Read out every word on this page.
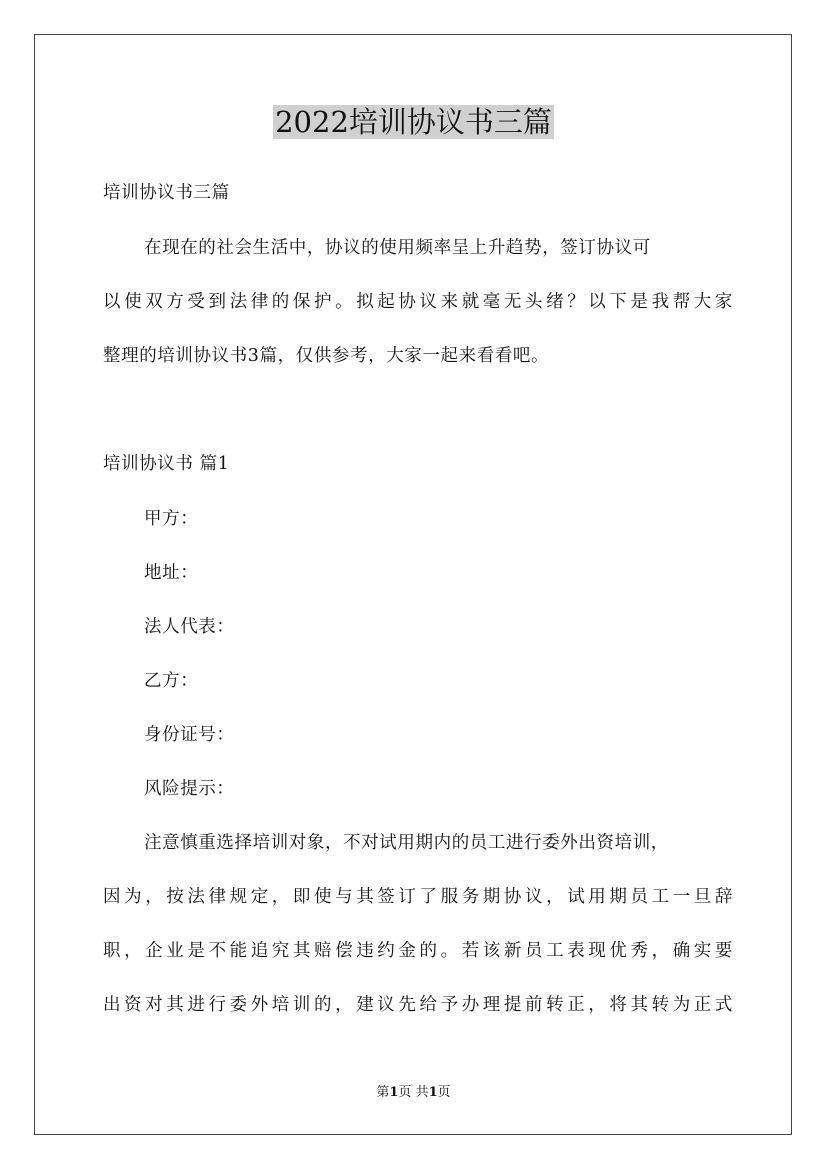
2022培训协议书三篇

培训协议书三篇

在现在的社会生活中，协议的使用频率呈上升趋势，签订协议可

以使双方受到法律的保护。拟起协议来就毫无头绪？以下是我帮大家

整理的培训协议书3篇，仅供参考，大家一起来看看吧。

培训协议书 篇1

甲方：

地址：

法人代表：

乙方：

身份证号：

风险提示：

注意慎重选择培训对象，不对试用期内的员工进行委外出资培训，

因为，按法律规定，即使与其签订了服务期协议，试用期员工一旦辞

职，企业是不能追究其赔偿违约金的。若该新员工表现优秀，确实要

出资对其进行委外培训的，建议先给予办理提前转正，将其转为正式

第1页 共1页
